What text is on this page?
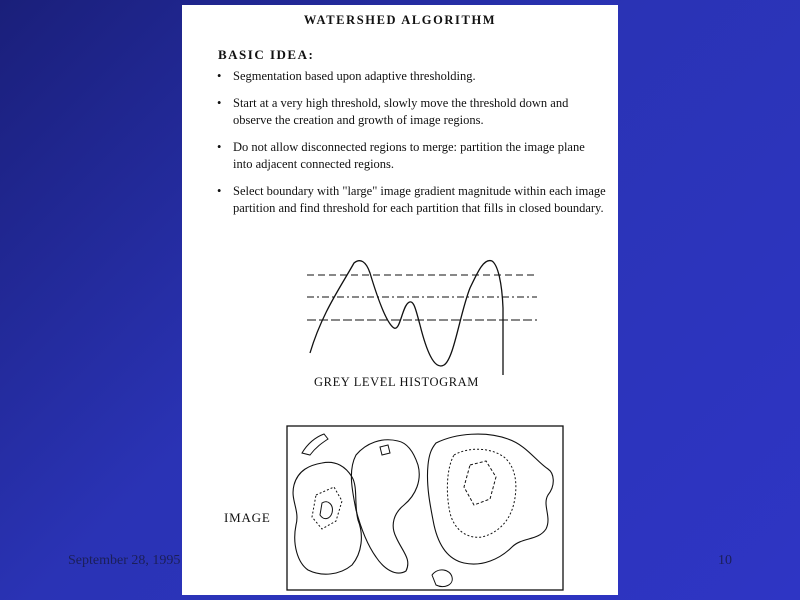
WATERSHED ALGORITHM
BASIC IDEA:
• Segmentation based upon adaptive thresholding.
• Start at a very high threshold, slowly move the threshold down and observe the creation and growth of image regions.
• Do not allow disconnected regions to merge: partition the image plane into adjacent connected regions.
• Select boundary with "large" image gradient magnitude within each image partition and find threshold for each partition that fills in closed boundary.
GREY LEVEL HISTOGRAM
IMAGE
September 28, 1995	10
